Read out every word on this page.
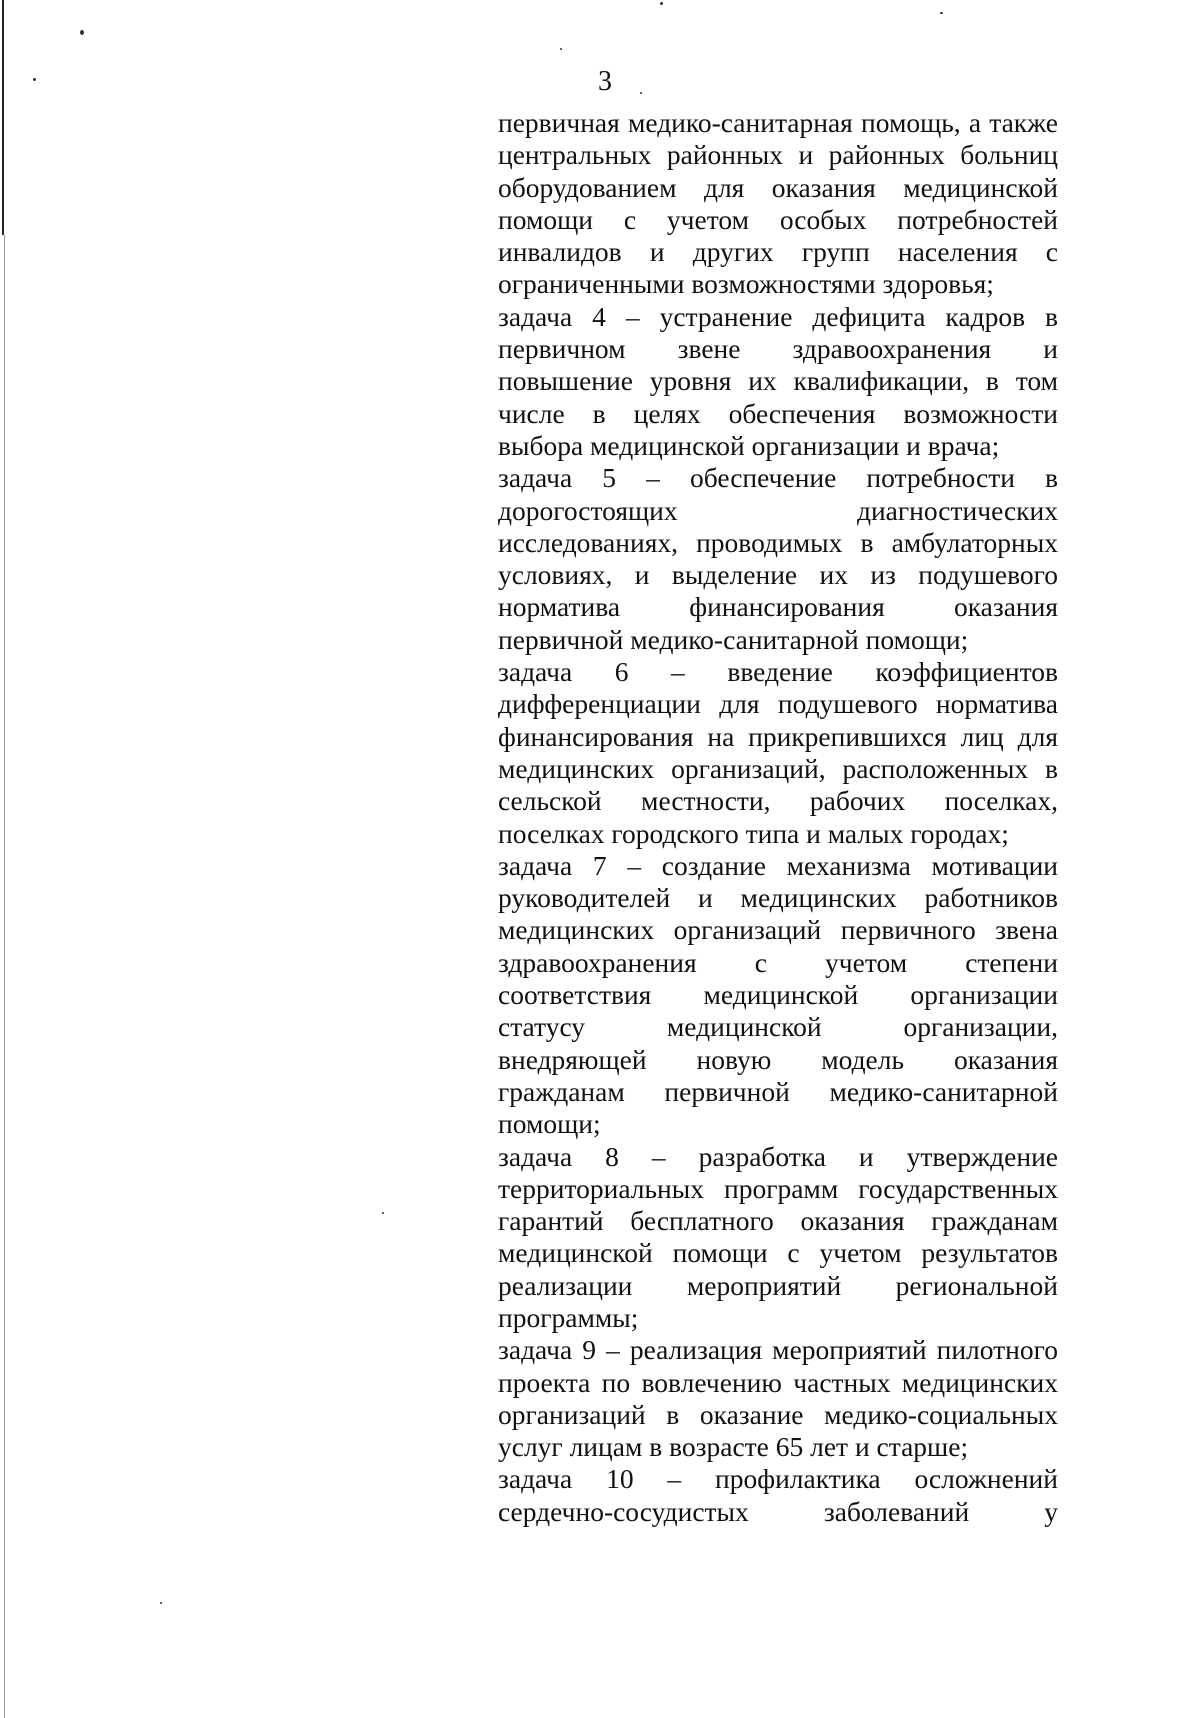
3

первичная медико-санитарная помощь, а также центральных районных и районных больниц оборудованием для оказания медицинской помощи с учетом особых потребностей инвалидов и других групп населения с ограниченными возможностями здоровья;

задача 4 – устранение дефицита кадров в первичном звене здравоохранения и повышение уровня их квалификации, в том числе в целях обеспечения возможности выбора медицинской организации и врача;

задача 5 – обеспечение потребности в дорогостоящих диагностических исследованиях, проводимых в амбулаторных условиях, и выделение их из подушевого норматива финансирования оказания первичной медико-санитарной помощи;

задача 6 – введение коэффициентов дифференциации для подушевого норматива финансирования на прикрепившихся лиц для медицинских организаций, расположенных в сельской местности, рабочих поселках, поселках городского типа и малых городах;

задача 7 – создание механизма мотивации руководителей и медицинских работников медицинских организаций первичного звена здравоохранения с учетом степени соответствия медицинской организации статусу медицинской организации, внедряющей новую модель оказания гражданам первичной медико-санитарной помощи;

задача 8 – разработка и утверждение территориальных программ государственных гарантий бесплатного оказания гражданам медицинской помощи с учетом результатов реализации мероприятий региональной программы;

задача 9 – реализация мероприятий пилотного проекта по вовлечению частных медицинских организаций в оказание медико-социальных услуг лицам в возрасте 65 лет и старше;

задача 10 – профилактика осложнений сердечно-сосудистых заболеваний у
